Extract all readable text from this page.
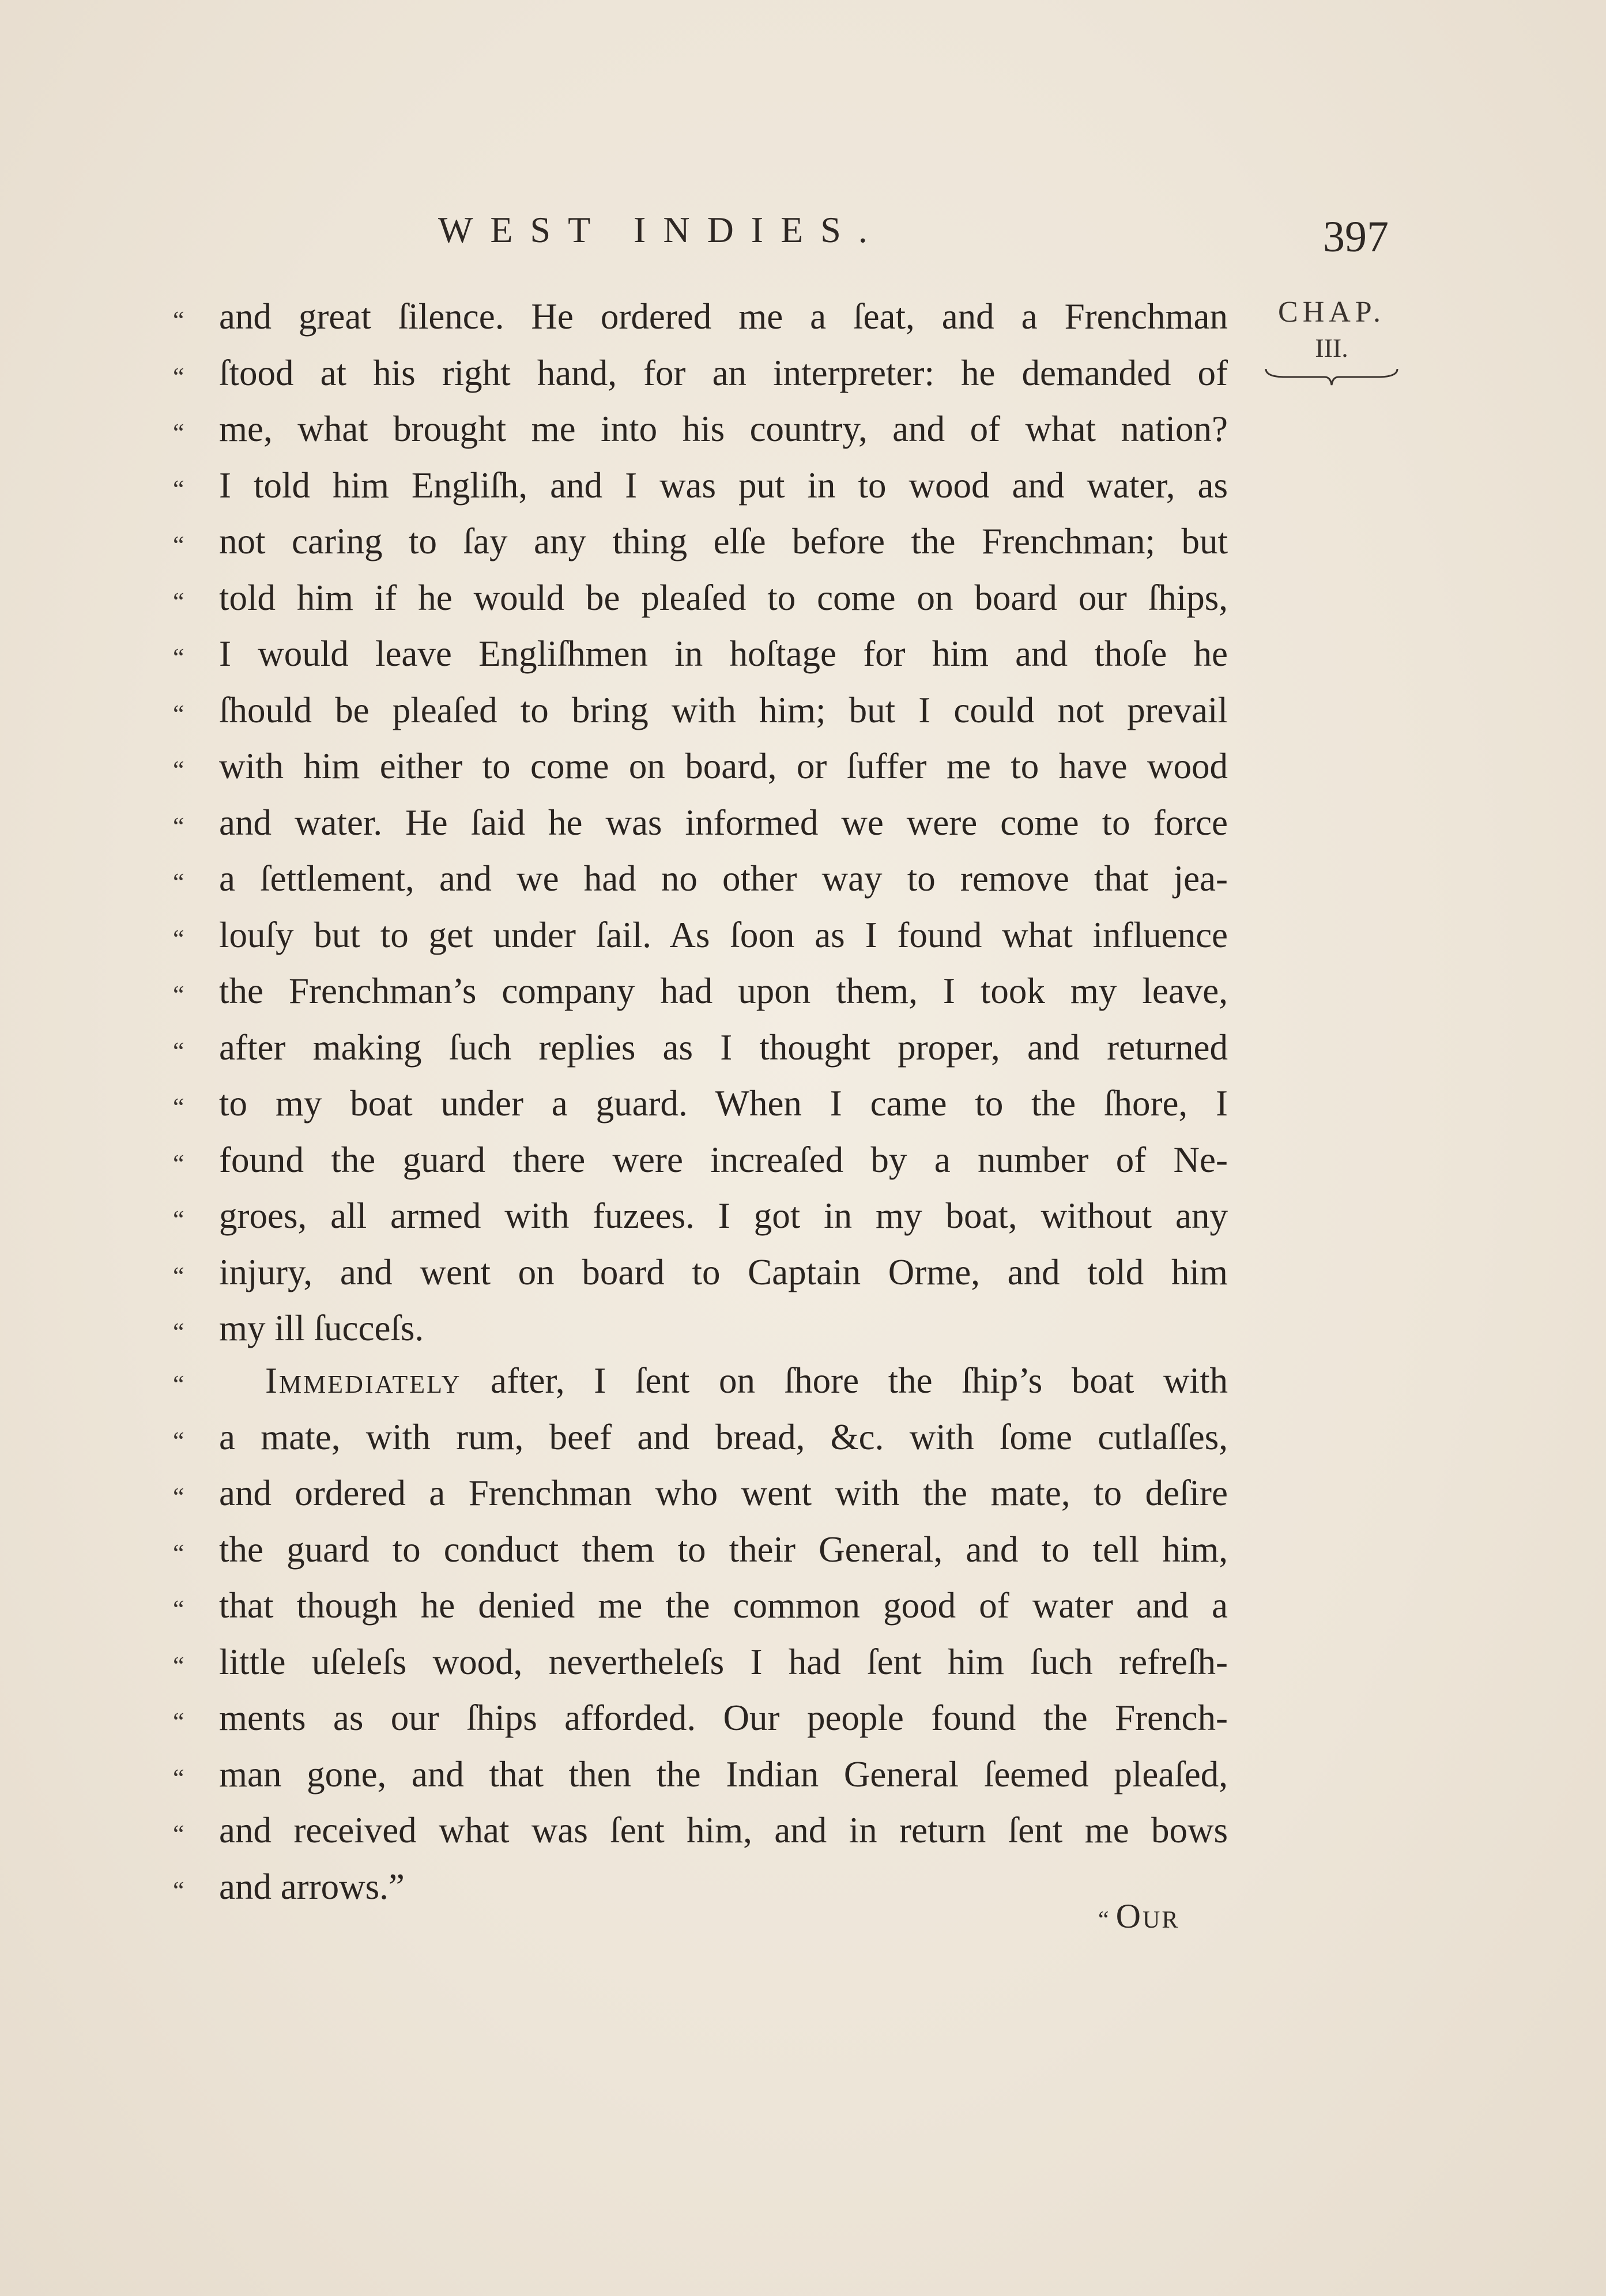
WEST INDIES.	397
CHAP.
III.
“ and great ſilence. He ordered me a ſeat, and a Frenchman
“ ſtood at his right hand, for an interpreter: he demanded of
“ me, what brought me into his country, and of what nation?
“ I told him Engliſh, and I was put in to wood and water, as
“ not caring to ſay any thing elſe before the Frenchman; but
“ told him if he would be pleaſed to come on board our ſhips,
“ I would leave Engliſhmen in hoſtage for him and thoſe he
“ ſhould be pleaſed to bring with him; but I could not prevail
“ with him either to come on board, or ſuffer me to have wood
“ and water. He ſaid he was informed we were come to force
“ a ſettlement, and we had no other way to remove that jea-
“ louſy but to get under ſail. As ſoon as I found what influence
“ the Frenchman’s company had upon them, I took my leave,
“ after making ſuch replies as I thought proper, and returned
“ to my boat under a guard. When I came to the ſhore, I
“ found the guard there were increaſed by a number of Ne-
“ groes, all armed with fuzees. I got in my boat, without any
“ injury, and went on board to Captain Orme, and told him
“ my ill ſucceſs.
“	Immediately after, I ſent on ſhore the ſhip’s boat with
“ a mate, with rum, beef and bread, &c. with ſome cutlaſſes,
“ and ordered a Frenchman who went with the mate, to deſire
“ the guard to conduct them to their General, and to tell him,
“ that though he denied me the common good of water and a
“ little uſeleſs wood, nevertheleſs I had ſent him ſuch refreſh-
“ ments as our ſhips afforded. Our people found the French-
“ man gone, and that then the Indian General ſeemed pleaſed,
“ and received what was ſent him, and in return ſent me bows
“ and arrows.”
“ Our
